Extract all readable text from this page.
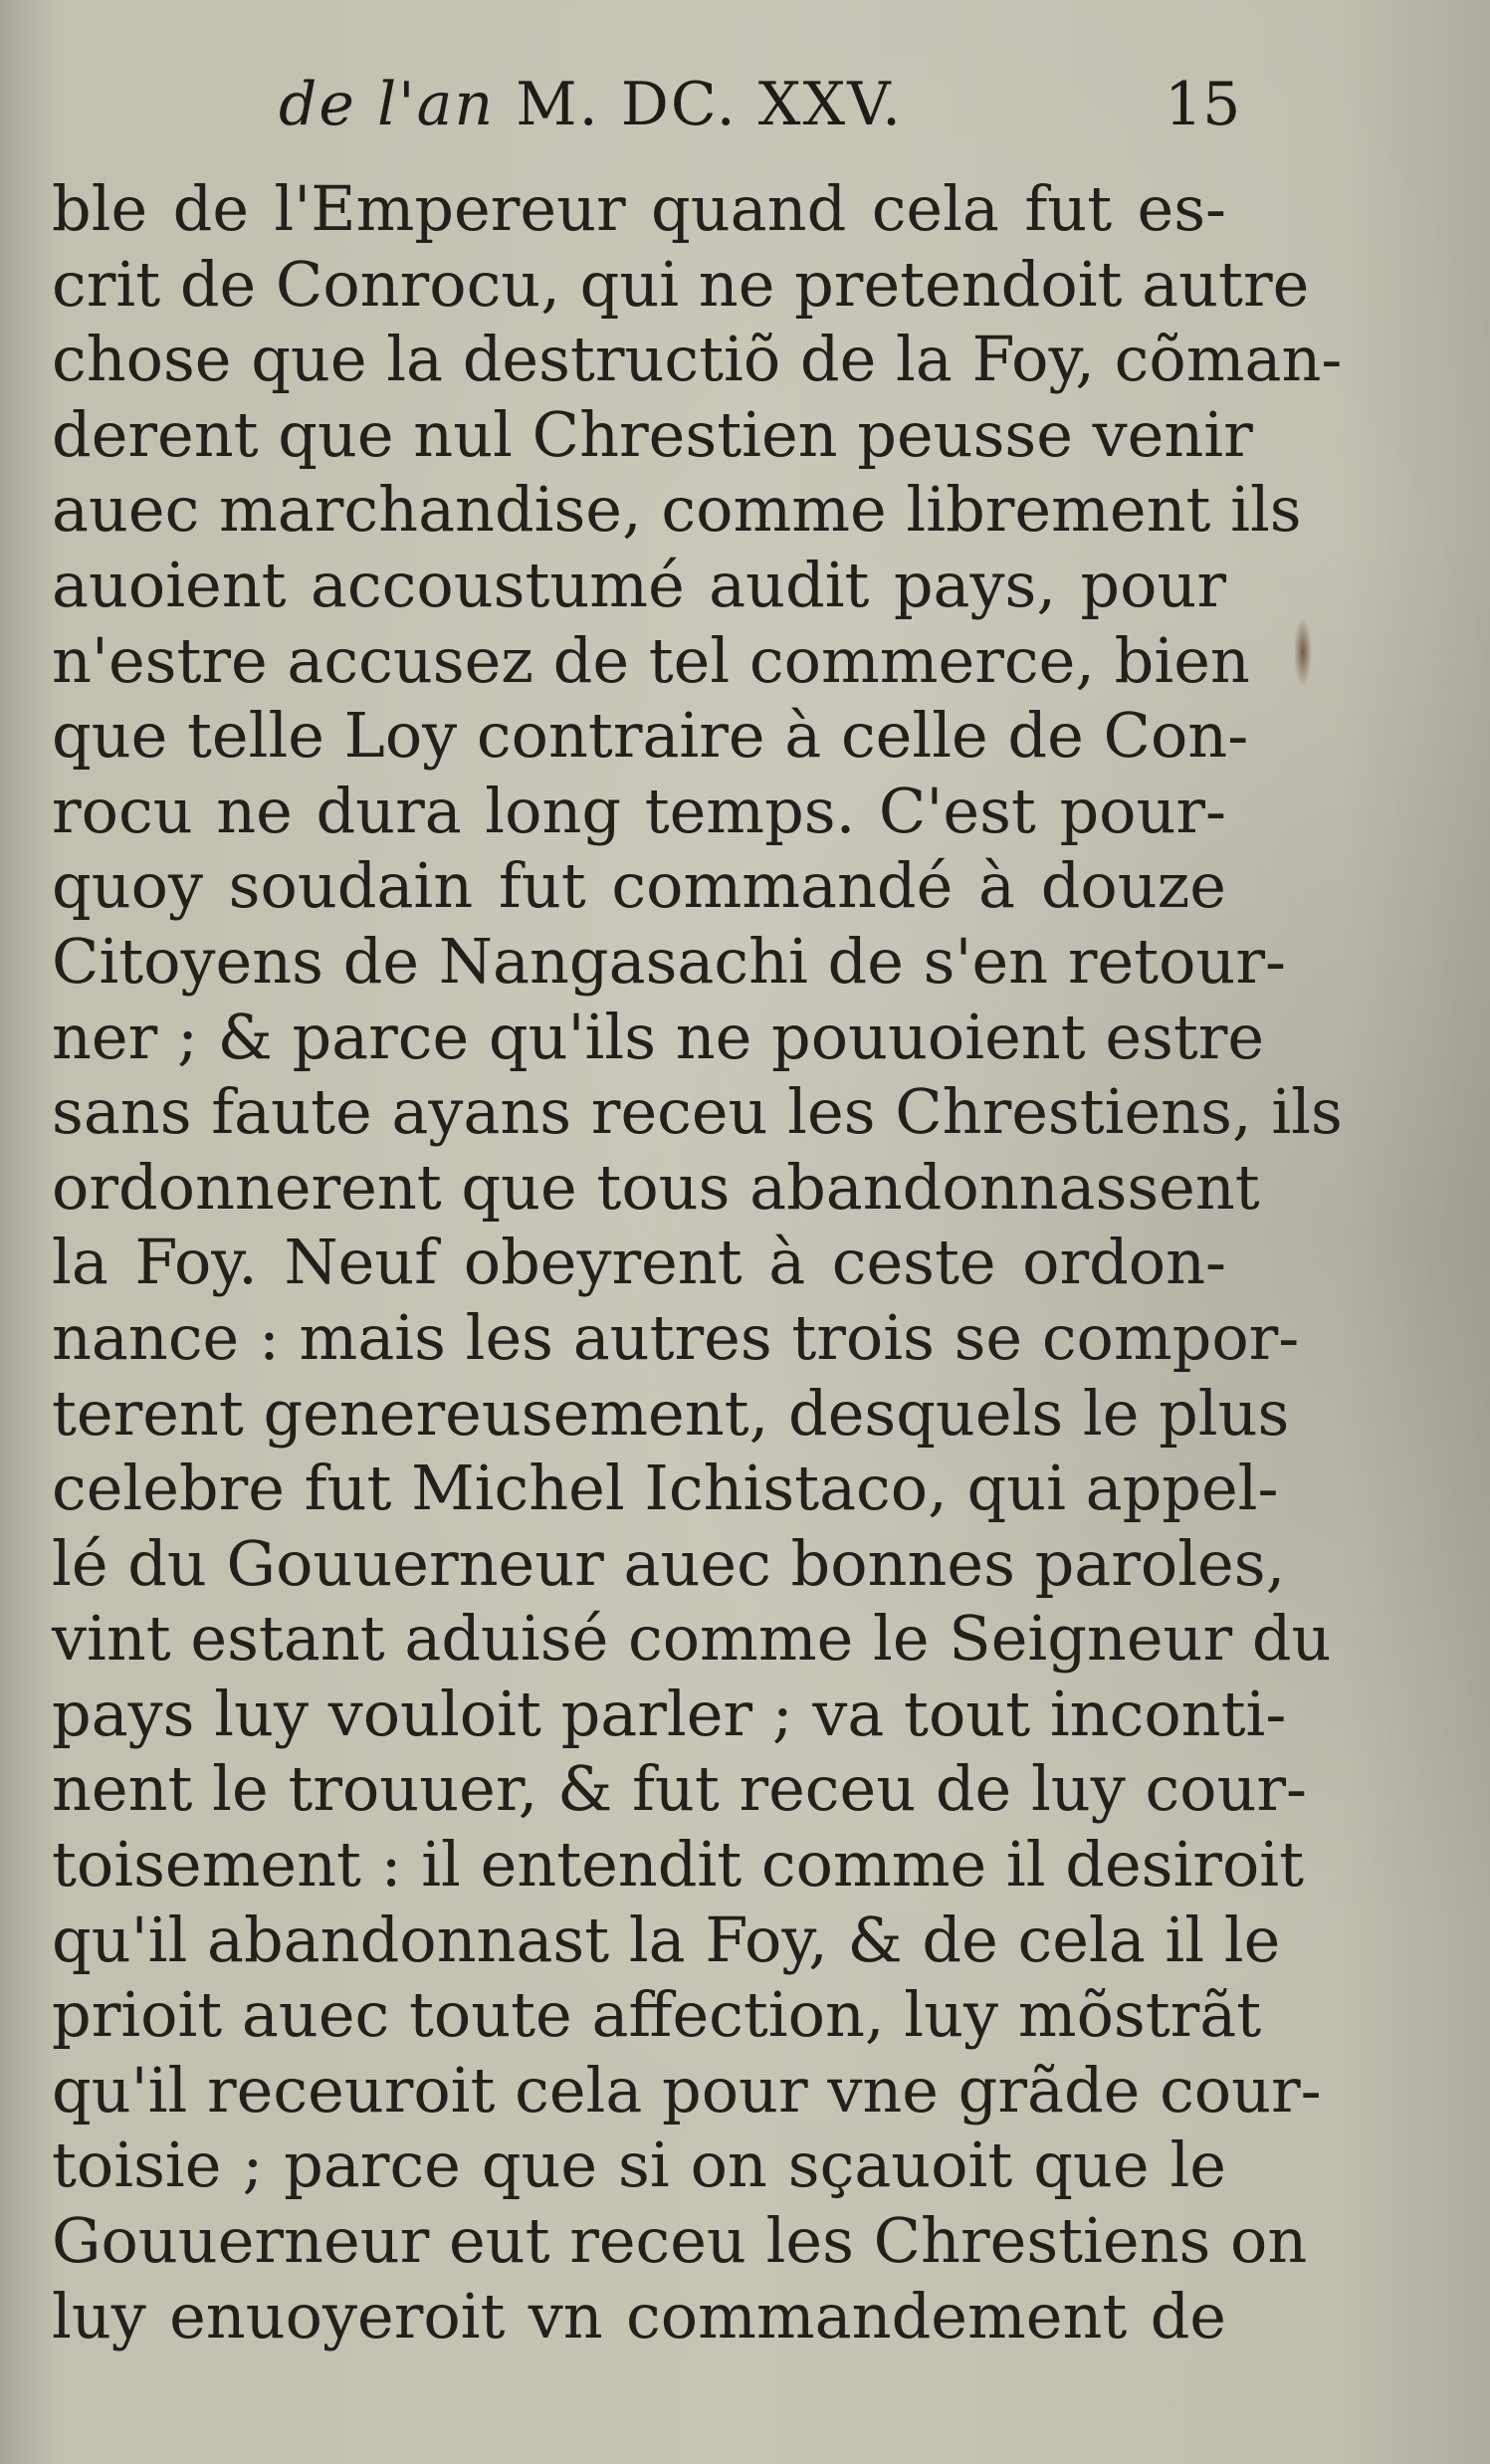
de l'an M. DC. XXV.	15
ble de l'Empereur quand cela fut es-
crit de Conrocu, qui ne pretendoit autre
chose que la destructiõ de la Foy, cõman-
derent que nul Chrestien peusse venir
auec marchandise, comme librement ils
auoient accoustumé audit pays, pour
n'estre accusez de tel commerce, bien
que telle Loy contraire à celle de Con-
rocu ne dura long temps. C'est pour-
quoy soudain fut commandé à douze
Citoyens de Nangasachi de s'en retour-
ner ; & parce qu'ils ne pouuoient estre
sans faute ayans receu les Chrestiens, ils
ordonnerent que tous abandonnassent
la Foy. Neuf obeyrent à ceste ordon-
nance : mais les autres trois se compor-
terent genereusement, desquels le plus
celebre fut Michel Ichistaco, qui appel-
lé du Gouuerneur auec bonnes paroles,
vint estant aduisé comme le Seigneur du
pays luy vouloit parler ; va tout inconti-
nent le trouuer, & fut receu de luy cour-
toisement : il entendit comme il desiroit
qu'il abandonnast la Foy, & de cela il le
prioit auec toute affection, luy mõstrãt
qu'il receuroit cela pour vne grãde cour-
toisie ; parce que si on sçauoit que le
Gouuerneur eut receu les Chrestiens on
luy enuoyeroit vn commandement de
